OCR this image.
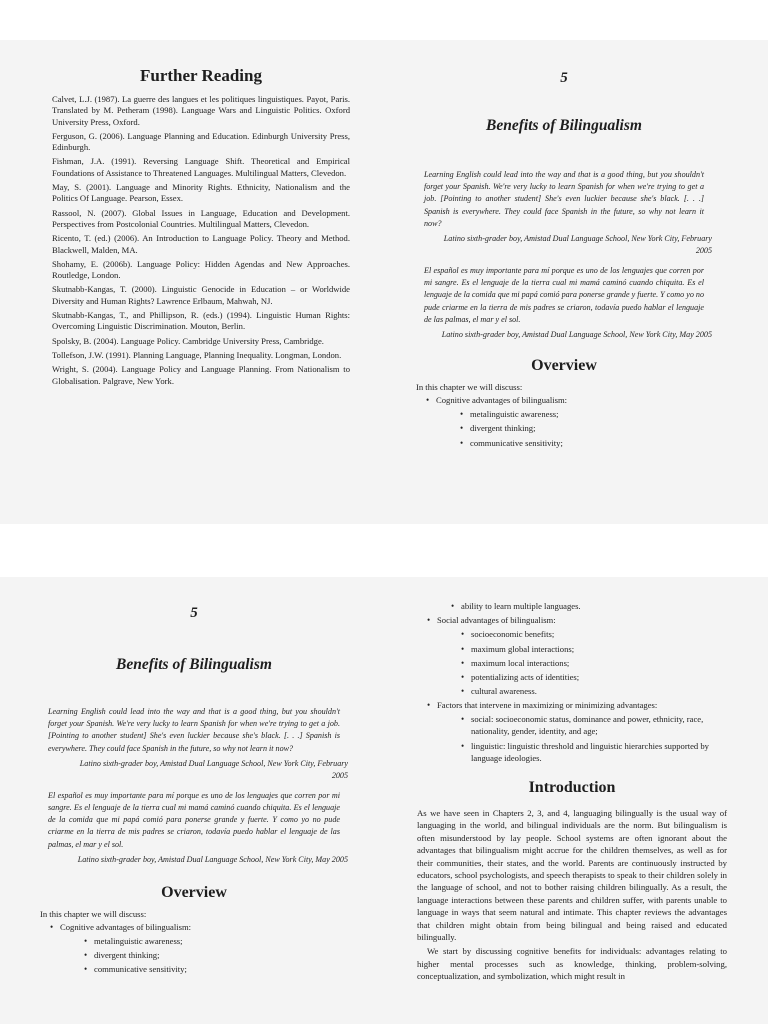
Further Reading
Calvet, L.J. (1987). La guerre des langues et les politiques linguistiques. Payot, Paris. Translated by M. Petheram (1998). Language Wars and Linguistic Politics. Oxford University Press, Oxford.
Ferguson, G. (2006). Language Planning and Education. Edinburgh University Press, Edinburgh.
Fishman, J.A. (1991). Reversing Language Shift. Theoretical and Empirical Foundations of Assistance to Threatened Languages. Multilingual Matters, Clevedon.
May, S. (2001). Language and Minority Rights. Ethnicity, Nationalism and the Politics Of Language. Pearson, Essex.
Rassool, N. (2007). Global Issues in Language, Education and Development. Perspectives from Postcolonial Countries. Multilingual Matters, Clevedon.
Ricento, T. (ed.) (2006). An Introduction to Language Policy. Theory and Method. Blackwell, Malden, MA.
Shohamy, E. (2006b). Language Policy: Hidden Agendas and New Approaches. Routledge, London.
Skutnabb-Kangas, T. (2000). Linguistic Genocide in Education – or Worldwide Diversity and Human Rights? Lawrence Erlbaum, Mahwah, NJ.
Skutnabb-Kangas, T., and Phillipson, R. (eds.) (1994). Linguistic Human Rights: Overcoming Linguistic Discrimination. Mouton, Berlin.
Spolsky, B. (2004). Language Policy. Cambridge University Press, Cambridge.
Tollefson, J.W. (1991). Planning Language, Planning Inequality. Longman, London.
Wright, S. (2004). Language Policy and Language Planning. From Nationalism to Globalisation. Palgrave, New York.

5

Benefits of Bilingualism

Learning English could lead into the way and that is a good thing, but you shouldn't forget your Spanish. We're very lucky to learn Spanish for when we're trying to get a job. [Pointing to another student] She's even luckier because she's black. [. . .] Spanish is everywhere. They could face Spanish in the future, so why not learn it now?

Latino sixth-grader boy, Amistad Dual Language School, New York City, February
2005

El español es muy importante para mí porque es uno de los lenguajes que corren por mi sangre. Es el lenguaje de la tierra cual mi mamá caminó cuando chiquita. Es el lenguaje de la comida que mi papá comió para ponerse grande y fuerte. Y como yo no pude criarme en la tierra de mis padres se criaron, todavía puedo hablar el lenguaje de las palmas, el mar y el sol.

Latino sixth-grader boy, Amistad Dual Language School, New York City, May 2005

Overview

In this chapter we will discuss:

• Cognitive advantages of bilingualism:
• metalinguistic awareness;
• divergent thinking;
• communicative sensitivity;

5

Benefits of Bilingualism

Learning English could lead into the way and that is a good thing, but you shouldn't forget your Spanish. We're very lucky to learn Spanish for when we're trying to get a job. [Pointing to another student] She's even luckier because she's black. [. . .] Spanish is everywhere. They could face Spanish in the future, so why not learn it now?

Latino sixth-grader boy, Amistad Dual Language School, New York City, February
2005

El español es muy importante para mí porque es uno de los lenguajes que corren por mi sangre. Es el lenguaje de la tierra cual mi mamá caminó cuando chiquita. Es el lenguaje de la comida que mi papá comió para ponerse grande y fuerte. Y como yo no pude criarme en la tierra de mis padres se criaron, todavía puedo hablar el lenguaje de las palmas, el mar y el sol.

Latino sixth-grader boy, Amistad Dual Language School, New York City, May 2005

Overview

In this chapter we will discuss:

• Cognitive advantages of bilingualism:
• metalinguistic awareness;
• divergent thinking;
• communicative sensitivity;
• ability to learn multiple languages.
• Social advantages of bilingualism:
• socioeconomic benefits;
• maximum global interactions;
• maximum local interactions;
• potentializing acts of identities;
• cultural awareness.
• Factors that intervene in maximizing or minimizing advantages:
• social: socioeconomic status, dominance and power, ethnicity, race, nationality, gender, identity, and age;
• linguistic: linguistic threshold and linguistic hierarchies supported by language ideologies.
Introduction

As we have seen in Chapters 2, 3, and 4, languaging bilingually is the usual way of languaging in the world, and bilingual individuals are the norm. But bilingualism is often misunderstood by lay people. School systems are often ignorant about the advantages that bilingualism might accrue for the children themselves, as well as for their communities, their states, and the world. Parents are continuously instructed by educators, school psychologists, and speech therapists to speak to their children solely in the language of school, and not to bother raising children bilingually. As a result, the language interactions between these parents and children suffer, with parents unable to language in ways that seem natural and intimate. This chapter reviews the advantages that children might obtain from being bilingual and being raised and educated bilingually.

We start by discussing cognitive benefits for individuals: advantages relating to higher mental processes such as knowledge, thinking, problem-solving, conceptualization, and symbolization, which might result in
